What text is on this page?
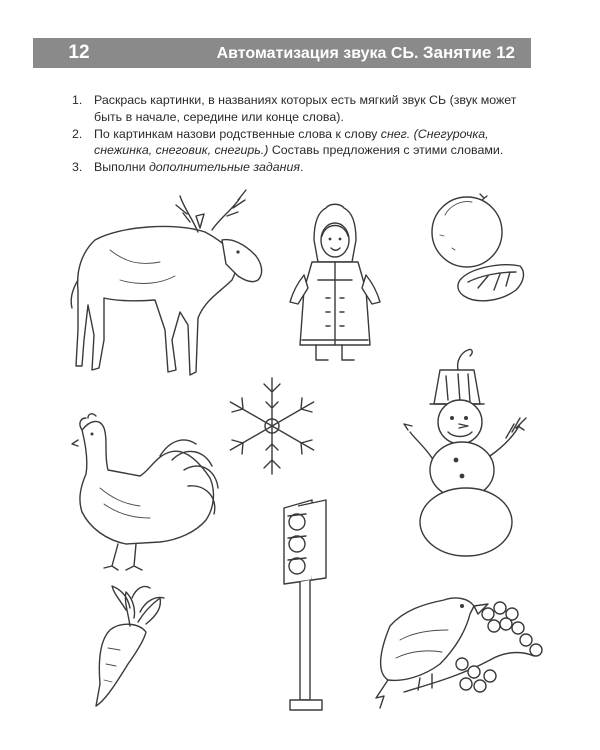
12	Автоматизация звука СЬ. Занятие 12
1. Раскрась картинки, в названиях которых есть мягкий звук СЬ (звук может быть в начале, середине или конце слова).
2. По картинкам назови родственные слова к слову снег. (Снегурочка, снежинка, снеговик, снегирь.) Составь предложения с этими словами.
3. Выполни дополнительные задания.
